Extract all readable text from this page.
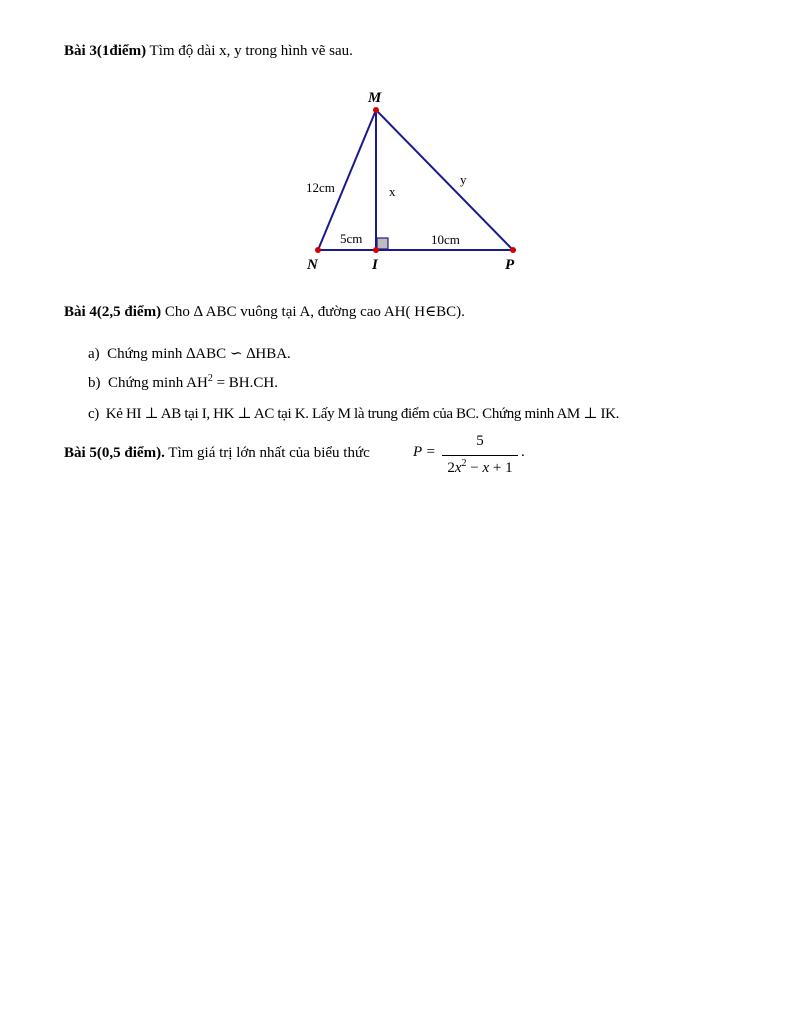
Bài 3(1điểm) Tìm độ dài x, y trong hình vẽ sau.
M
N	I	P
12cm	x
y
5cm	10cm
Bài 4(2,5 điểm) Cho ∆ ABC vuông tại A, đường cao AH( H∈BC).
a) Chứng minh ∆ABC ∽ ∆HBA.
b) Chứng minh $AH^2 = BH.CH$.
c) Kẻ HI ⊥ AB tại I, HK ⊥ AC tại K. Lấy M là trung điểm của BC. Chứng minh AM ⊥ IK.
Bài 5(0,5 điểm). Tìm giá trị lớn nhất của biểu thức	P =
5
$2x^2 - x + 1$
.
